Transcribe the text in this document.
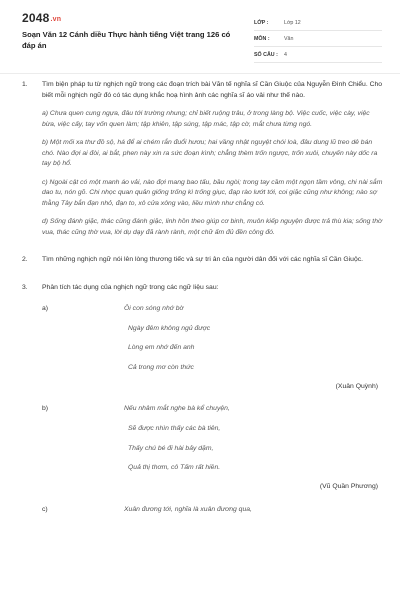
2048.vn
Soạn Văn 12 Cánh diều Thực hành tiếng Việt trang 126 có đáp án
LỚP :	Lớp 12
MÔN :	Văn
SỐ CÂU :	4
1. Tìm biện pháp tu từ nghịch ngữ trong các đoạn trích bài Văn tế nghĩa sĩ Cần Giuộc của Nguyễn Đình Chiểu. Cho biết mỗi nghịch ngữ đó có tác dụng khắc hoạ hình ảnh các nghĩa sĩ áo vải như thế nào.
a) Chưa quen cung ngựa, đâu tới trường nhung; chỉ biết ruộng trâu, ở trong làng bộ. Việc cuốc, việc cày, việc bừa, việc cấy, tay vốn quen làm; tập khiên, tập súng, tập mác, tập cờ, mắt chưa từng ngó.
b) Một mối xa thư đồ sộ, há để ai chém rắn đuổi hươu; hai vầng nhật nguyệt chói loà, đâu dung lũ treo dê bán chó. Nào đợi ai đòi, ai bắt, phen này xin ra sức đoạn kình; chẳng thèm trốn ngược, trốn xuôi, chuyến này dốc ra tay bộ hổ.
c) Ngoài cật có một manh áo vải, nào đợi mang bao tấu, bầu ngòi; trong tay cầm một ngọn tầm vông, chi nài sắm dao tu, nón gõ. Chi nhọc quan quản giống trống kì trống giục, đạp rào lướt tới, coi giặc cũng như không; nào sợ thằng Tây bắn đạn nhỏ, đạn to, xô cửa xông vào, liều mình như chẳng có.
d) Sống đánh giặc, thác cũng đánh giặc, linh hồn theo giúp cơ binh, muôn kiếp nguyện được trả thù kia; sống thờ vua, thác cũng thờ vua, lời dụ dạy đã rành rành, một chữ ấm đủ đền công đó.
2. Tìm những nghịch ngữ nói lên lòng thương tiếc và sự tri ân của người dân đối với các nghĩa sĩ Cần Giuộc.
3. Phân tích tác dụng của nghịch ngữ trong các ngữ liệu sau:
a)	Ôi con sóng nhớ bờ
Ngày đêm không ngủ được
Lòng em nhớ đến anh
Cả trong mơ còn thức
(Xuân Quỳnh)
b)	Nếu nhâm mắt nghe bà kể chuyện,
Sẽ được nhìn thấy các bà tiên,
Thấy chú bé đi hài bảy dặm,
Quả thị thơm, cô Tấm rất hiền.
(Vũ Quần Phương)
c)	Xuân đương tới, nghĩa là xuân đương qua,
